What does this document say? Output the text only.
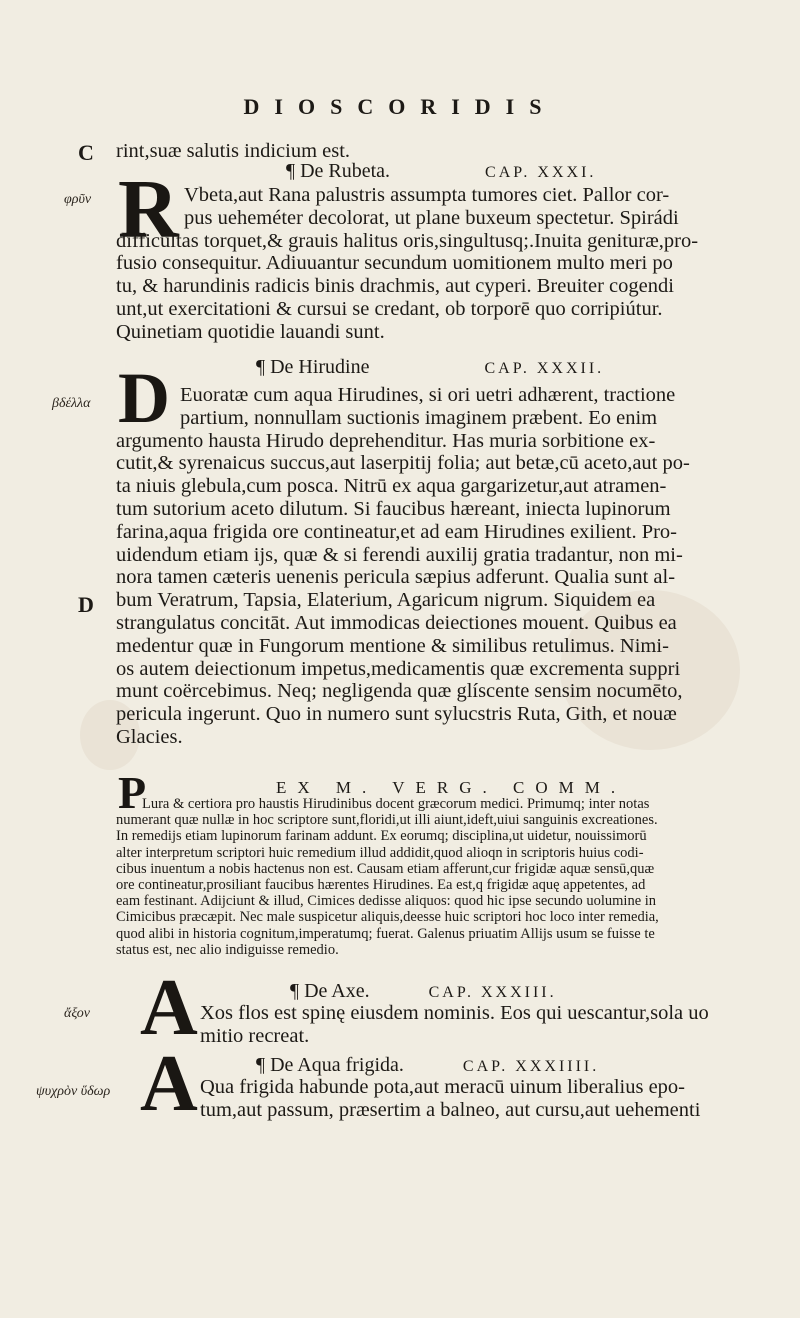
DIOSCORIDIS
C
D
φρῦν
βδέλλα
ἄξον
ψυχρὸν ὕδωρ
rint,suæ salutis indicium est.
¶ De Rubeta.	CAP. XXXI.
R Vbeta,aut Rana palustris assumpta tumores ciet. Pallor cor-
pus ueheméter decolorat, ut plane buxeum spectetur. Spirádi
difficultas torquet,& grauis halitus oris,singultusq;.Inuita genituræ,pro-
fusio consequitur. Adiuuantur secundum uomitionem multo meri po
tu, & harundinis radicis binis drachmis, aut cyperi. Breuiter cogendi
unt,ut exercitationi & cursui se credant, ob torporē quo corripiútur.
Quinetiam quotidie lauandi sunt.
¶ De Hirudine	CAP. XXXII.
D Euoratæ cum aqua Hirudines, si ori uetri adhærent, tractione
partium, nonnullam suctionis imaginem præbent. Eo enim
argumento hausta Hirudo deprehenditur. Has muria sorbitione ex-
cutit,& syrenaicus succus,aut laserpitij folia; aut betæ,cū aceto,aut po-
ta niuis glebula,cum posca. Nitrū ex aqua gargarizetur,aut atramen-
tum sutorium aceto dilutum. Si faucibus hæreant, iniecta lupinorum
farina,aqua frigida ore contineatur,et ad eam Hirudines exilient. Pro-
uidendum etiam ijs, quæ & si ferendi auxilij gratia tradantur, non mi-
nora tamen cæteris uenenis pericula sæpius adferunt. Qualia sunt al-
bum Veratrum, Tapsia, Elaterium, Agaricum nigrum. Siquidem ea
strangulatus concitāt. Aut immodicas deiectiones mouent. Quibus ea
medentur quæ in Fungorum mentione & similibus retulimus. Nimi-
os autem deiectionum impetus,medicamentis quæ excrementa suppri
munt coërcebimus. Neq; negligenda quæ glíscente sensim nocumēto,
pericula ingerunt. Quo in numero sunt sylucstris Ruta, Gith, et nouæ
Glacies.
P	EX M. VERG. COMM.
Lura & certiora pro haustis Hirudinibus docent græcorum medici. Primumq; inter notas
numerant quæ nullæ in hoc scriptore sunt,floridi,ut illi aiunt,ideft,uiui sanguinis excreationes.
In remedijs etiam lupinorum farinam addunt. Ex eorumq; disciplina,ut uidetur, nouissimorū
alter interpretum scriptori huic remedium illud addidit,quod alioqn in scriptoris huius codi-
cibus inuentum a nobis hactenus non est. Causam etiam afferunt,cur frigidæ aquæ sensū,quæ
ore contineatur,prosiliant faucibus hærentes Hirudines. Ea est,q frigidæ aquę appetentes, ad
eam festinant. Adijciunt & illud, Cimices dedisse aliquos: quod hic ipse secundo uolumine in
Cimicibus præcæpit. Nec male suspicetur aliquis,deesse huic scriptori hoc loco inter remedia,
quod alibi in historia cognitum,imperatumq; fuerat. Galenus priuatim Allijs usum se fuisse te
status est, nec alio indiguisse remedio.
¶ De Axe.	CAP. XXXIII.
A Xos flos est spinę eiusdem nominis. Eos qui uescantur,sola uo
mitio recreat.
¶ De Aqua frigida.	CAP. XXXIIII.
A Qua frigida habunde pota,aut meracū uinum liberalius epo-
tum,aut passum, præsertim a balneo, aut cursu,aut uehementi
